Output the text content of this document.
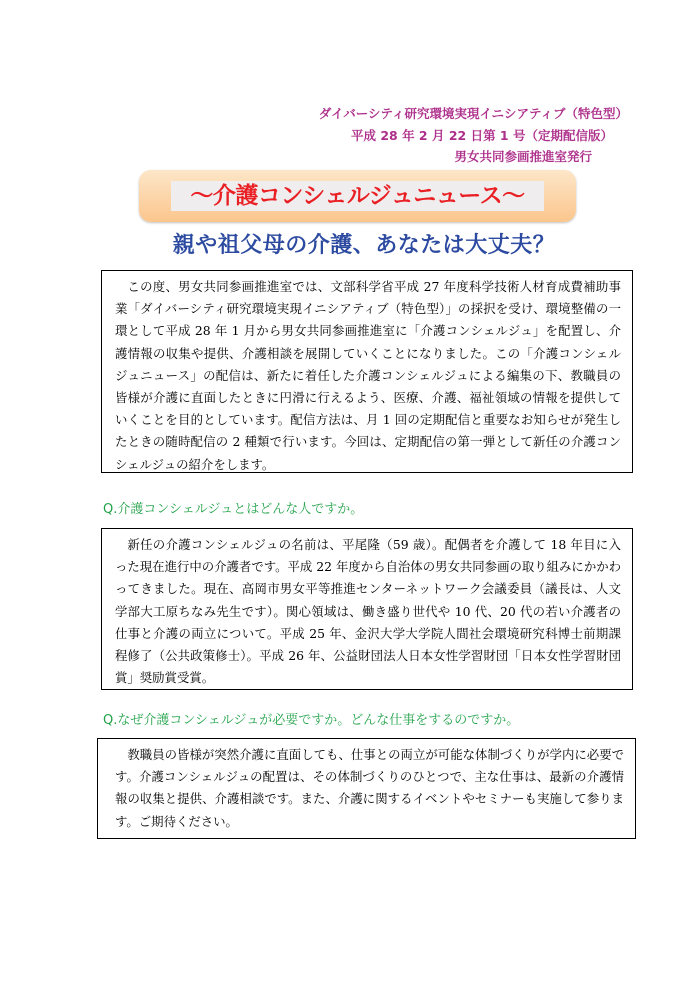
ダイバーシティ研究環境実現イニシアティブ（特色型）
平成 28 年 2 月 22 日第 1 号（定期配信版）
男女共同参画推進室発行
〜介護コンシェルジュニュース〜
親や祖父母の介護、あなたは大丈夫？

この度、男女共同参画推進室では、文部科学省平成 27 年度科学技術人材育成費補助事業「ダイバーシティ研究環境実現イニシアティブ（特色型）」の採択を受け、環境整備の一環として平成 28 年 1 月から男女共同参画推進室に「介護コンシェルジュ」を配置し、介護情報の収集や提供、介護相談を展開していくことになりました。この「介護コンシェルジュニュース」の配信は、新たに着任した介護コンシェルジュによる編集の下、教職員の皆様が介護に直面したときに円滑に行えるよう、医療、介護、福祉領域の情報を提供していくことを目的としています。配信方法は、月 1 回の定期配信と重要なお知らせが発生したときの随時配信の 2 種類で行います。今回は、定期配信の第一弾として新任の介護コンシェルジュの紹介をします。

Q.介護コンシェルジュとはどんな人ですか。

新任の介護コンシェルジュの名前は、平尾隆（59 歳）。配偶者を介護して 18 年目に入った現在進行中の介護者です。平成 22 年度から自治体の男女共同参画の取り組みにかかわってきました。現在、高岡市男女平等推進センターネットワーク会議委員（議長は、人文学部大工原ちなみ先生です）。関心領域は、働き盛り世代や 10 代、20 代の若い介護者の仕事と介護の両立について。平成 25 年、金沢大学大学院人間社会環境研究科博士前期課程修了（公共政策修士）。平成 26 年、公益財団法人日本女性学習財団「日本女性学習財団賞」奨励賞受賞。

Q.なぜ介護コンシェルジュが必要ですか。どんな仕事をするのですか。

教職員の皆様が突然介護に直面しても、仕事との両立が可能な体制づくりが学内に必要です。介護コンシェルジュの配置は、その体制づくりのひとつで、主な仕事は、最新の介護情報の収集と提供、介護相談です。また、介護に関するイベントやセミナーも実施して参ります。ご期待ください。
